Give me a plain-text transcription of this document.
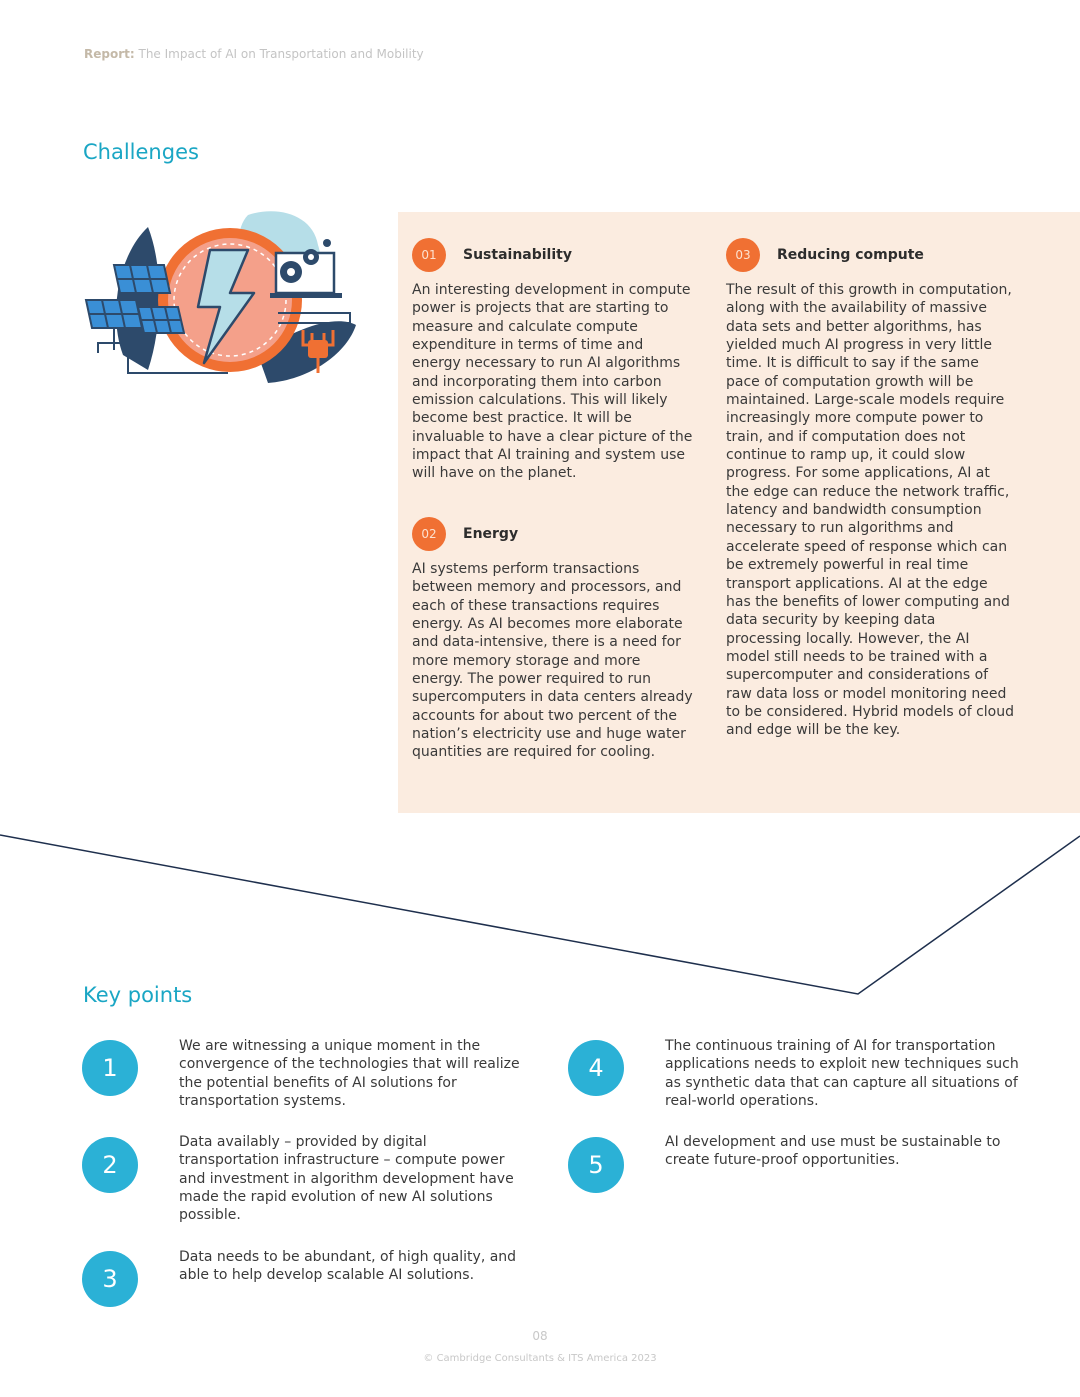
Report: The Impact of AI on Transportation and Mobility
Challenges
01	Sustainability
An interesting development in compute power is projects that are starting to measure and calculate compute expenditure in terms of time and energy necessary to run AI algorithms and incorporating them into carbon emission calculations. This will likely become best practice. It will be invaluable to have a clear picture of the impact that AI training and system use will have on the planet.
02	Energy
AI systems perform transactions between memory and processors, and each of these transactions requires energy. As AI becomes more elaborate and data-intensive, there is a need for more memory storage and more energy. The power required to run supercomputers in data centers already accounts for about two percent of the nation’s electricity use and huge water quantities are required for cooling.
03	Reducing compute
The result of this growth in computation, along with the availability of massive data sets and better algorithms, has yielded much AI progress in very little time. It is difficult to say if the same pace of computation growth will be maintained. Large-scale models require increasingly more compute power to train, and if computation does not continue to ramp up, it could slow progress. For some applications, AI at the edge can reduce the network traffic, latency and bandwidth consumption necessary to run algorithms and accelerate speed of response which can be extremely powerful in real time transport applications. AI at the edge has the benefits of lower computing and data security by keeping data processing locally. However, the AI model still needs to be trained with a supercomputer and considerations of raw data loss or model monitoring need to be considered. Hybrid models of cloud and edge will be the key.
Key points
1
We are witnessing a unique moment in the convergence of the technologies that will realize the potential benefits of AI solutions for transportation systems.
2
Data availably – provided by digital transportation infrastructure – compute power and investment in algorithm development have made the rapid evolution of new AI solutions possible.
3
Data needs to be abundant, of high quality, and able to help develop scalable AI solutions.
4
The continuous training of AI for transportation applications needs to exploit new techniques such as synthetic data that can capture all situations of real-world operations.
5
AI development and use must be sustainable to create future-proof opportunities.
08
© Cambridge Consultants & ITS America 2023
